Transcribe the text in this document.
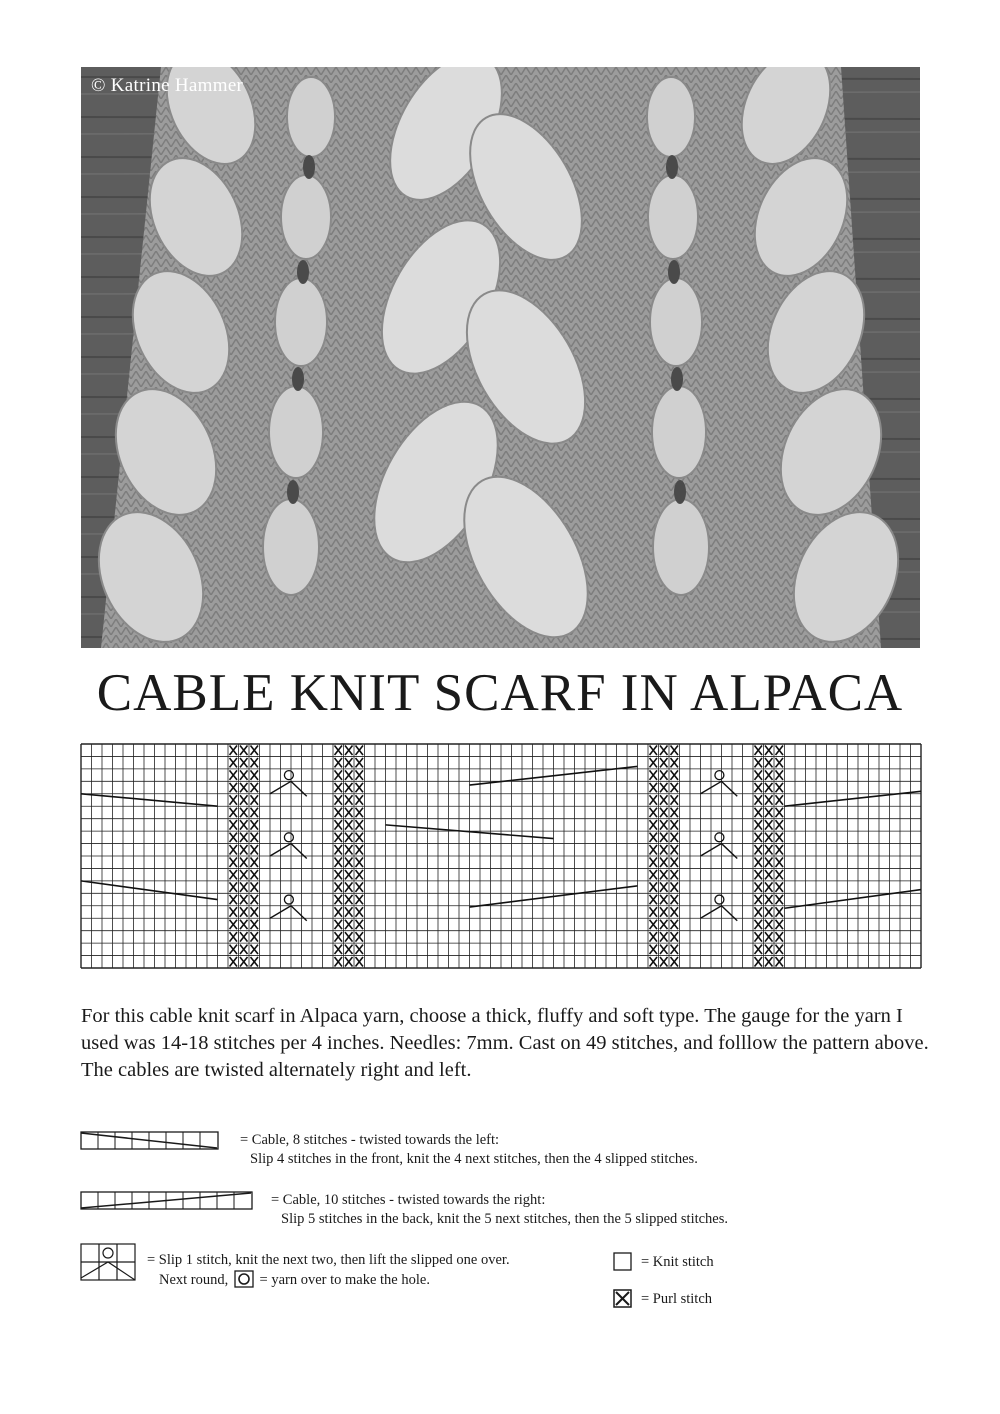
© Katrine Hammer
CABLE KNIT SCARF IN ALPACA

For this cable knit scarf in Alpaca yarn, choose a thick, fluffy and soft type. The gauge for the yarn I used was 14-18 stitches per 4 inches. Needles: 7mm. Cast on 49 stitches, and folllow the pattern above. The cables are twisted alternately right and left.

= Cable, 8 stitches - twisted towards the left:
Slip 4 stitches in the front, knit the 4 next stitches, then the 4 slipped stitches.
= Cable, 10 stitches - twisted towards the right:
Slip 5 stitches in the back, knit the 5 next stitches, then the 5 slipped stitches.
= Slip 1 stitch, knit the next two, then lift the slipped one over.
Next round, = yarn over to make the hole.
= Knit stitch
= Purl stitch
